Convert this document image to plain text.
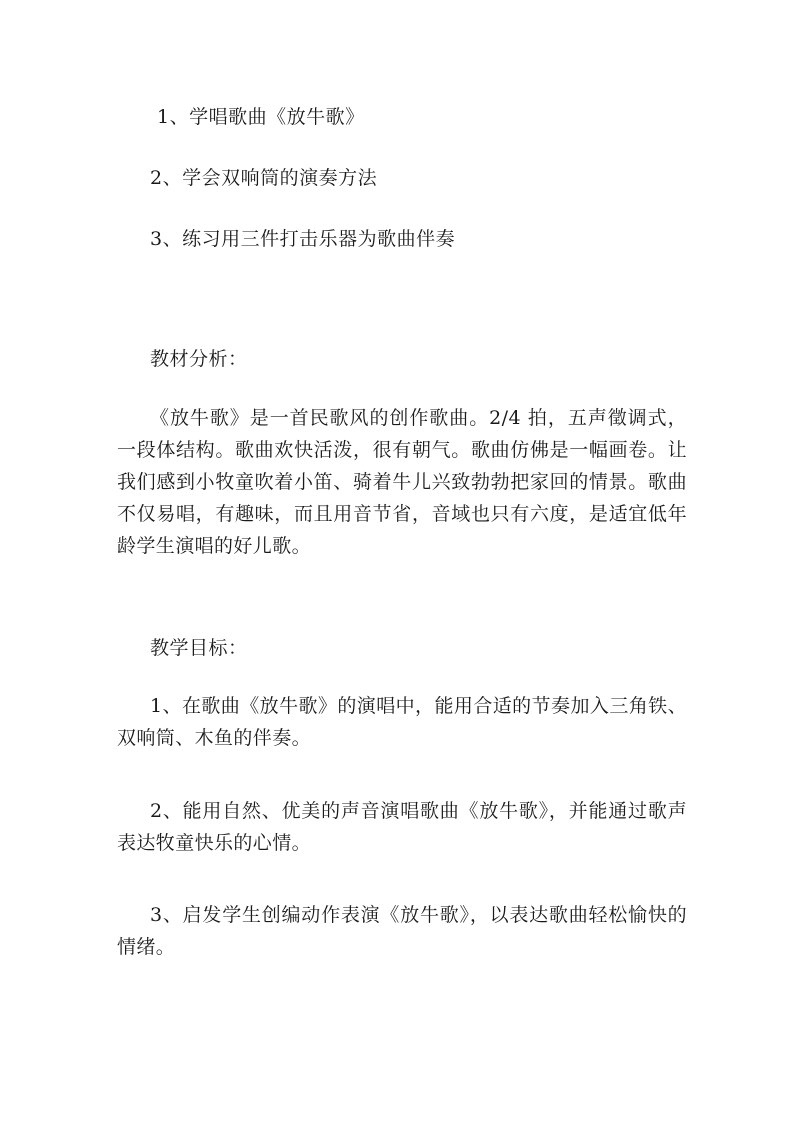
1、学唱歌曲《放牛歌》

2、学会双响筒的演奏方法

3、练习用三件打击乐器为歌曲伴奏

教材分析：

《放牛歌》是一首民歌风的创作歌曲。2/4 拍，五声徵调式，一段体结构。歌曲欢快活泼，很有朝气。歌曲仿佛是一幅画卷。让我们感到小牧童吹着小笛、骑着牛儿兴致勃勃把家回的情景。歌曲不仅易唱，有趣味，而且用音节省，音域也只有六度，是适宜低年龄学生演唱的好儿歌。

教学目标：

1、在歌曲《放牛歌》的演唱中，能用合适的节奏加入三角铁、双响筒、木鱼的伴奏。

2、能用自然、优美的声音演唱歌曲《放牛歌》，并能通过歌声表达牧童快乐的心情。

3、启发学生创编动作表演《放牛歌》，以表达歌曲轻松愉快的情绪。
